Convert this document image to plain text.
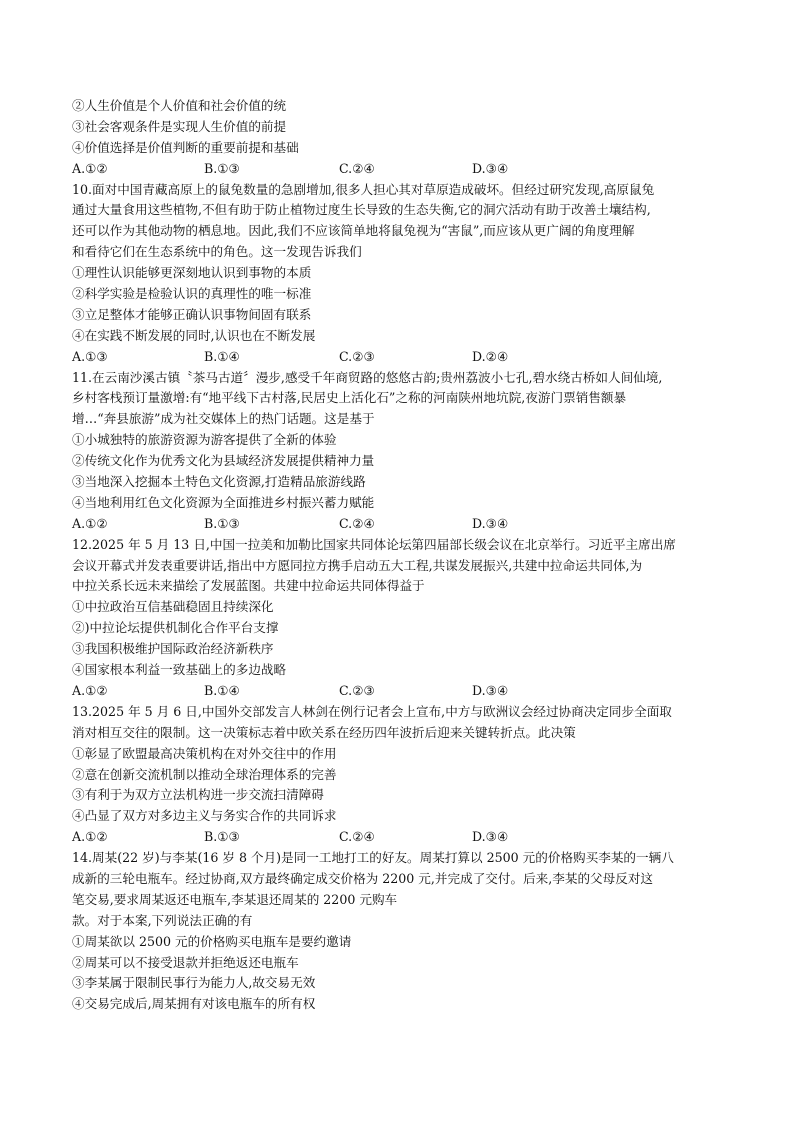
②人生价值是个人价值和社会价值的统
③社会客观条件是实现人生价值的前提
④价值选择是价值判断的重要前提和基础
A.①②	B.①③	C.②④	D.③④
10.面对中国青藏高原上的鼠兔数量的急剧增加,很多人担心其对草原造成破坏。但经过研究发现,高原鼠兔
通过大量食用这些植物,不但有助于防止植物过度生长导致的生态失衡,它的洞穴活动有助于改善土壤结构,
还可以作为其他动物的栖息地。因此,我们不应该简单地将鼠兔视为“害鼠”,而应该从更广阔的角度理解
和看待它们在生态系统中的角色。这一发现告诉我们
①理性认识能够更深刻地认识到事物的本质
②科学实验是检验认识的真理性的唯一标准
③立足整体才能够正确认识事物间固有联系
④在实践不断发展的同时,认识也在不断发展
A.①③	B.①④	C.②③	D.②④
11.在云南沙溪古镇〝茶马古道〞漫步,感受千年商贸路的悠悠古韵;贵州荔波小七孔,碧水绕古桥如人间仙境,
乡村客栈预订量激增:有“地平线下古村落,民居史上活化石”之称的河南陕州地坑院,夜游门票销售额暴
增…“奔县旅游”成为社交媒体上的热门话题。这是基于
①小城独特的旅游资源为游客提供了全新的体验
②传统文化作为优秀文化为县域经济发展提供精神力量
③当地深入挖掘本土特色文化资源,打造精品旅游线路
④当地利用红色文化资源为全面推进乡村振兴蓄力赋能
A.①②	B.①③	C.②④	D.③④
12.2025 年 5 月 13 日,中国一拉美和加勒比国家共同体论坛第四届部长级会议在北京举行。习近平主席出席
会议开幕式并发表重要讲话,指出中方愿同拉方携手启动五大工程,共谋发展振兴,共建中拉命运共同体,为
中拉关系长远未来描绘了发展蓝图。共建中拉命运共同体得益于
①中拉政治互信基础稳固且持续深化
②)中拉论坛提供机制化合作平台支撑
③我国积极维护国际政治经济新秩序
④国家根本利益一致基础上的多边战略
A.①②	B.①④	C.②③	D.③④
13.2025 年 5 月 6 日,中国外交部发言人林剑在例行记者会上宣布,中方与欧洲议会经过协商决定同步全面取
消对相互交往的限制。这一决策标志着中欧关系在经历四年波折后迎来关键转折点。此决策
①彰显了欧盟最高决策机构在对外交往中的作用
②意在创新交流机制以推动全球治理体系的完善
③有利于为双方立法机构进一步交流扫清障碍
④凸显了双方对多边主义与务实合作的共同诉求
A.①②	B.①③	C.②④	D.③④
14.周某(22 岁)与李某(16 岁 8 个月)是同一工地打工的好友。周某打算以 2500 元的价格购买李某的一辆八
成新的三轮电瓶车。经过协商,双方最终确定成交价格为 2200 元,并完成了交付。后来,李某的父母反对这
笔交易,要求周某返还电瓶车,李某退还周某的 2200 元购车
款。对于本案,下列说法正确的有
①周某欲以 2500 元的价格购买电瓶车是要约邀请
②周某可以不接受退款并拒绝返还电瓶车
③李某属于限制民事行为能力人,故交易无效
④交易完成后,周某拥有对该电瓶车的所有权
